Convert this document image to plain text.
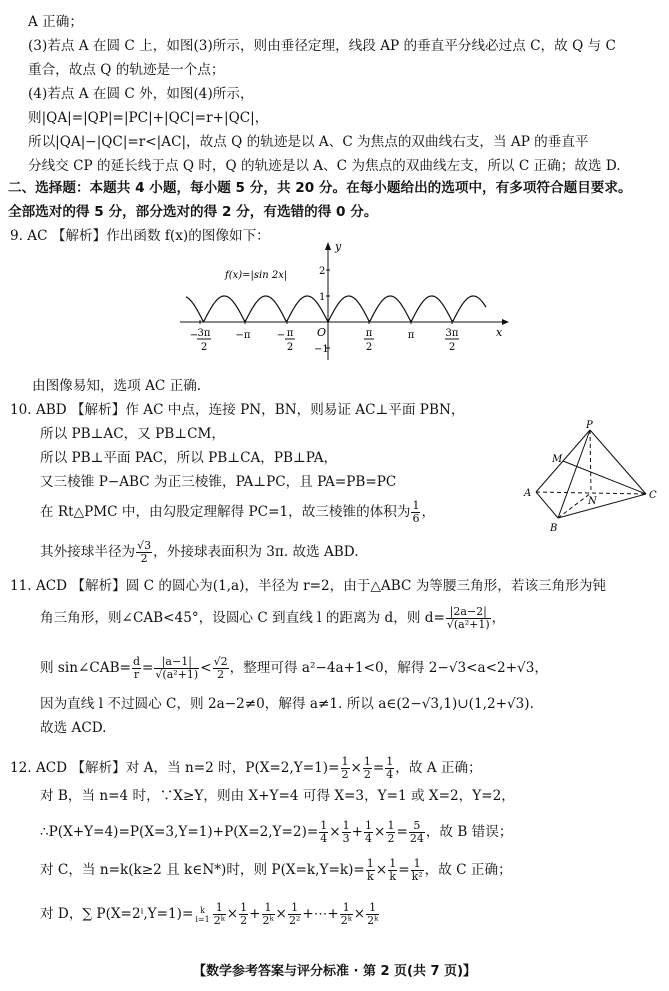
A 正确；
(3)若点 A 在圆 C 上，如图(3)所示，则由垂径定理，线段 AP 的垂直平分线必过点 C，故 Q 与 C
重合，故点 Q 的轨迹是一个点；
(4)若点 A 在圆 C 外，如图(4)所示，
则|QA|=|QP|=|PC|+|QC|=r+|QC|，
所以|QA|−|QC|=r<|AC|，故点 Q 的轨迹是以 A、C 为焦点的双曲线右支，当 AP 的垂直平
分线交 CP 的延长线于点 Q 时，Q 的轨迹是以 A、C 为焦点的双曲线左支，所以 C 正确；故选 D.
二、选择题：本题共 4 小题，每小题 5 分，共 20 分。在每小题给出的选项中，有多项符合题目要求。
全部选对的得 5 分，部分选对的得 2 分，有选错的得 0 分。
9. AC 【解析】作出函数 f(x)的图像如下：
y
x
O
2
1
−1
f(x)=|sin 2x|
− 3π
2
−π	− π
2
π
2
π	3π
2
由图像易知，选项 AC 正确.
10. ABD 【解析】作 AC 中点，连接 PN，BN，则易证 AC⊥平面 PBN，
所以 PB⊥AC，又 PB⊥CM，
所以 PB⊥平面 PAC，所以 PB⊥CA，PB⊥PA，
又三棱锥 P−ABC 为正三棱锥，PA⊥PC，且 PA=PB=PC
在 Rt△PMC 中，由勾股定理解得 PC=1，故三棱锥的体积为 $\frac{1}{6}$ ，
其外接球半径为 $\frac{√3}{2}$ ，外接球表面积为 3π. 故选 ABD.
P
M
A
N
B
C
11. ACD 【解析】圆 C 的圆心为(1,a)，半径为 r=2，由于△ABC 为等腰三角形，若该三角形为钝
角三角形，则∠CAB<45°，设圆心 C 到直线 l 的距离为 d，则 $d= \frac{|2a-2|}{\text{√(a²+1)}}$ ，
则 sin∠CAB= $\frac{d}{r} = \frac{|a-1|}{\text{√(a²+1)}} < \frac{√2}{2}$ ，整理可得 a²−4a+1<0，解得 2−√3<a<2+√3，
因为直线 l 不过圆心 C，则 2a−2≠0，解得 a≠1. 所以 a∈(2−√3,1)∪(1,2+√3).
故选 ACD.
12. ACD 【解析】对 A，当 n=2 时，$P(X=2,Y=1)= \frac{1}{2} \times \frac{1}{2} = \frac{1}{4}$ ，故 A 正确；
对 B，当 n=4 时，∵X≥Y，则由 X+Y=4 可得 X=3，Y=1 或 X=2，Y=2，
∴P(X+Y=4)=P(X=3,Y=1)+P(X=2,Y=2)= $\frac{1}{4} \times \frac{1}{3} + \frac{1}{4} \times \frac{1}{2} = \frac{5}{24}$ ，故 B 错误；
对 C，当 n=k(k≥2 且 k∈N*)时，则 $P(X=k,Y=k)= \frac{1}{k} \times \frac{1}{k} = \frac{1}{\text{k²}}$ ，故 C 正确；
对 D，∑ P(X=2ⁱ,Y=1)= k
$i=1 \frac{1}{\text{2ᵏ}} \times \frac{1}{2} + \frac{1}{\text{2ᵏ}} \times \frac{1}{\text{2²}}$ +⋯+ $\frac{1}{\text{2ᵏ}} \times \frac{1}{\text{2ᵏ}}$
【数学参考答案与评分标准 · 第 2 页(共 7 页)】
